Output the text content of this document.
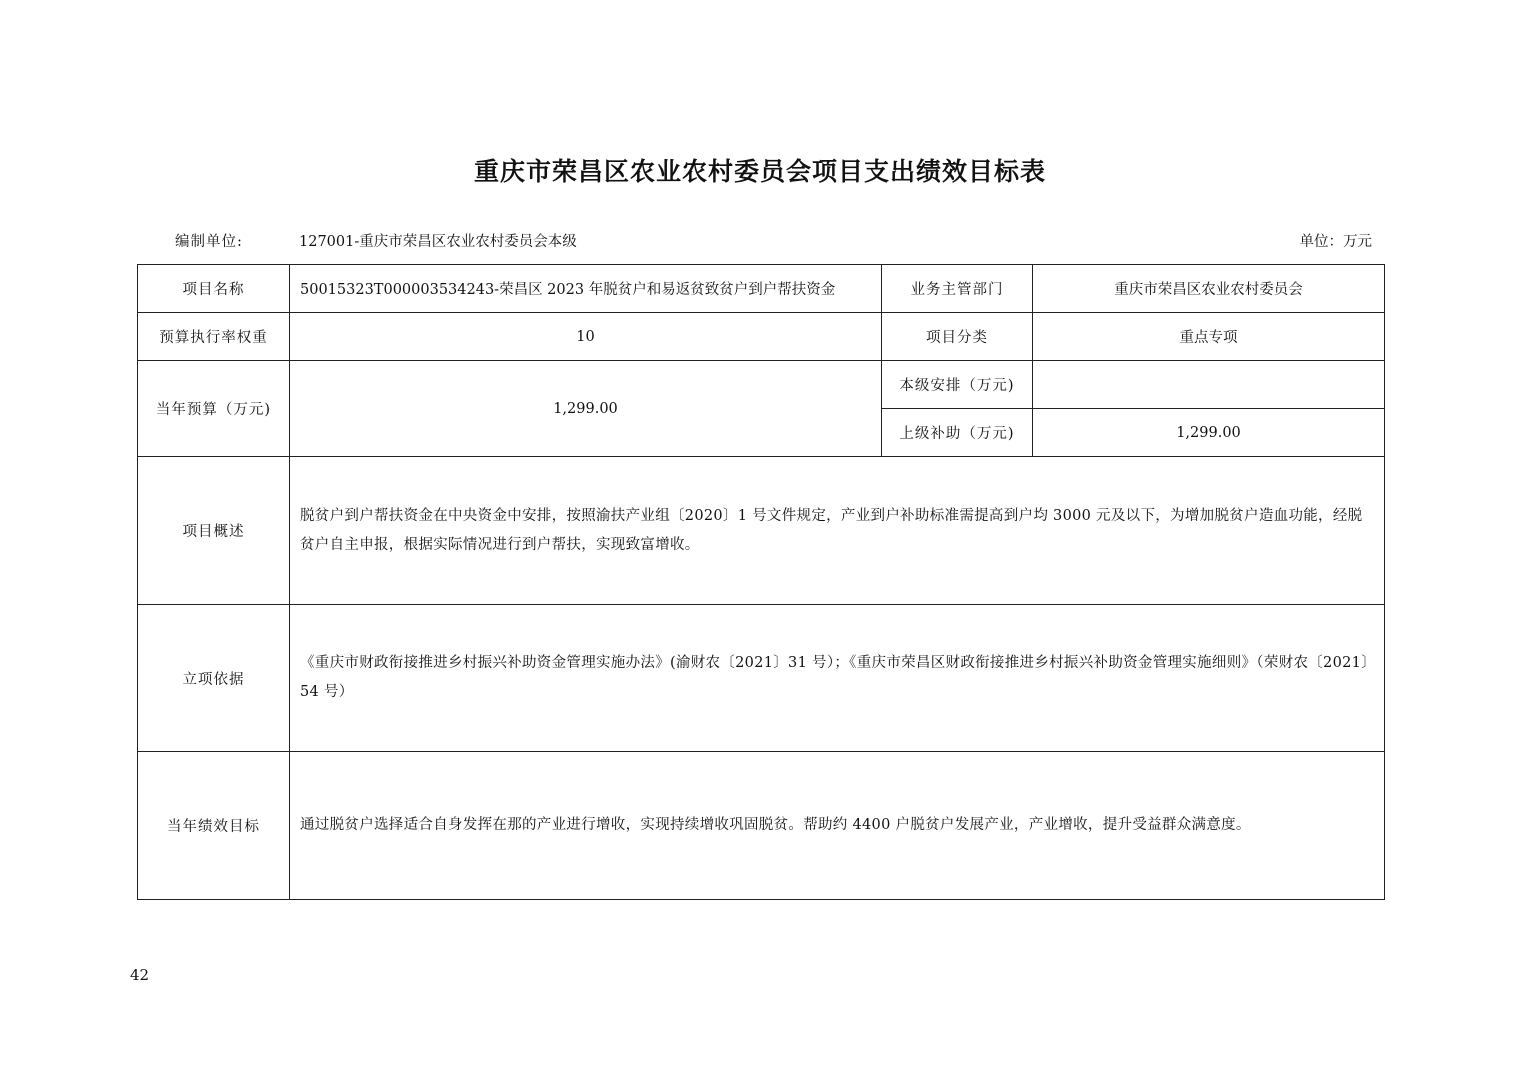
重庆市荣昌区农业农村委员会项目支出绩效目标表
编制单位:	127001-重庆市荣昌区农业农村委员会本级	单位：万元
项目名称	50015323T000003534243-荣昌区 2023 年脱贫户和易返贫致贫户到户帮扶资金	业务主管部门	重庆市荣昌区农业农村委员会
预算执行率权重	10	项目分类	重点专项
当年预算（万元)	1,299.00	本级安排（万元)	
		上级补助（万元)	1,299.00
项目概述	脱贫户到户帮扶资金在中央资金中安排，按照渝扶产业组〔2020〕1 号文件规定，产业到户补助标准需提高到户均 3000 元及以下，为增加脱贫户造血功能，经脱贫户自主申报，根据实际情况进行到户帮扶，实现致富增收。		
立项依据	《重庆市财政衔接推进乡村振兴补助资金管理实施办法》(渝财农〔2021〕31 号）；《重庆市荣昌区财政衔接推进乡村振兴补助资金管理实施细则》（荣财农〔2021〕54 号）		
当年绩效目标	通过脱贫户选择适合自身发挥在那的产业进行增收，实现持续增收巩固脱贫。帮助约 4400 户脱贫户发展产业，产业增收，提升受益群众满意度。		
42
